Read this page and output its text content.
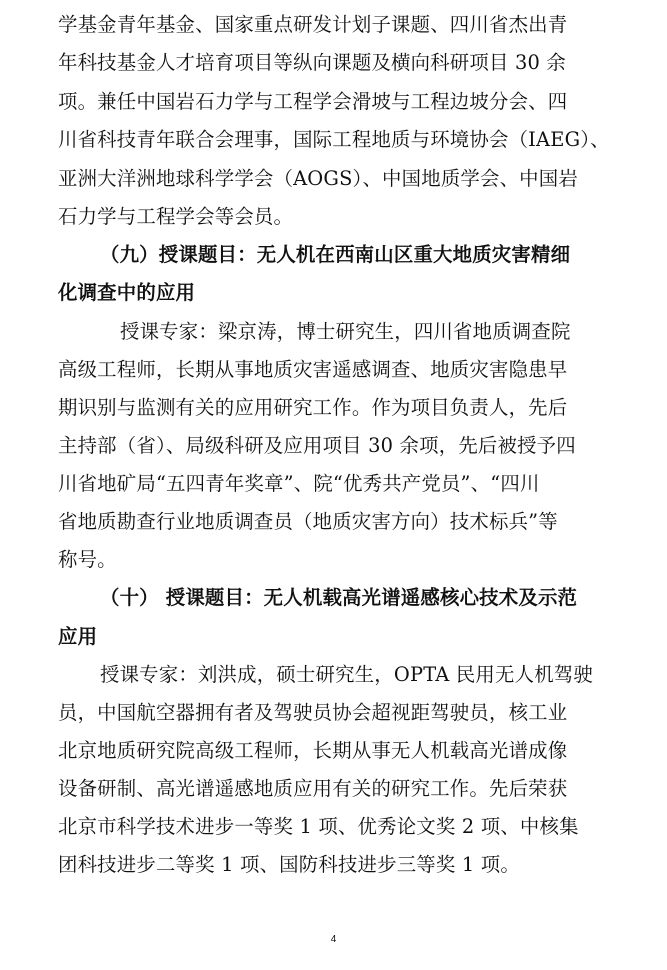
学基金青年基金、国家重点研发计划子课题、四川省杰出青
年科技基金人才培育项目等纵向课题及横向科研项目 30 余
项。兼任中国岩石力学与工程学会滑坡与工程边坡分会、四
川省科技青年联合会理事，国际工程地质与环境协会（IAEG）、
亚洲大洋洲地球科学学会（AOGS）、中国地质学会、中国岩
石力学与工程学会等会员。
（九）授课题目：无人机在西南山区重大地质灾害精细
化调查中的应用
授课专家：梁京涛，博士研究生，四川省地质调查院
高级工程师，长期从事地质灾害遥感调查、地质灾害隐患早
期识别与监测有关的应用研究工作。作为项目负责人，先后
主持部（省）、局级科研及应用项目 30 余项，先后被授予四
川省地矿局“五四青年奖章”、院“优秀共产党员”、“四川
省地质勘查行业地质调查员（地质灾害方向）技术标兵”等
称号。
（十） 授课题目：无人机载高光谱遥感核心技术及示范
应用
授课专家：刘洪成，硕士研究生，OPTA 民用无人机驾驶
员，中国航空器拥有者及驾驶员协会超视距驾驶员，核工业
北京地质研究院高级工程师，长期从事无人机载高光谱成像
设备研制、高光谱遥感地质应用有关的研究工作。先后荣获
北京市科学技术进步一等奖 1 项、优秀论文奖 2 项、中核集
团科技进步二等奖 1 项、国防科技进步三等奖 1 项。
4
